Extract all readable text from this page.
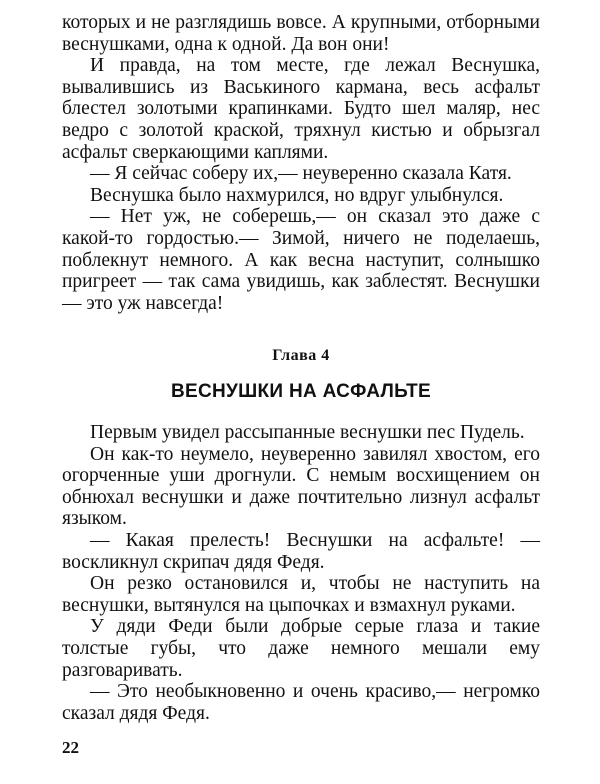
которых и не разглядишь вовсе. А крупными, отборными веснушками, одна к одной. Да вон они!

И правда, на том месте, где лежал Веснушка, вывалившись из Васькиного кармана, весь асфальт блестел золотыми крапинками. Будто шел маляр, нес ведро с золотой краской, тряхнул кистью и обрызгал асфальт сверкающими каплями.

— Я сейчас соберу их,— неуверенно сказала Катя.

Веснушка было нахмурился, но вдруг улыбнулся.

— Нет уж, не соберешь,— он сказал это даже с какой-то гордостью.— Зимой, ничего не поделаешь, поблекнут немного. А как весна наступит, солнышко пригреет — так сама увидишь, как заблестят. Веснушки — это уж навсегда!

Глава 4
ВЕСНУШКИ НА АСФАЛЬТЕ

Первым увидел рассыпанные веснушки пес Пудель.

Он как-то неумело, неуверенно завилял хвостом, его огорченные уши дрогнули. С немым восхищением он обнюхал веснушки и даже почтительно лизнул асфальт языком.

— Какая прелесть! Веснушки на асфальте! — воскликнул скрипач дядя Федя.

Он резко остановился и, чтобы не наступить на веснушки, вытянулся на цыпочках и взмахнул руками.

У дяди Феди были добрые серые глаза и такие толстые губы, что даже немного мешали ему разговаривать.

— Это необыкновенно и очень красиво,— негромко сказал дядя Федя.

22
